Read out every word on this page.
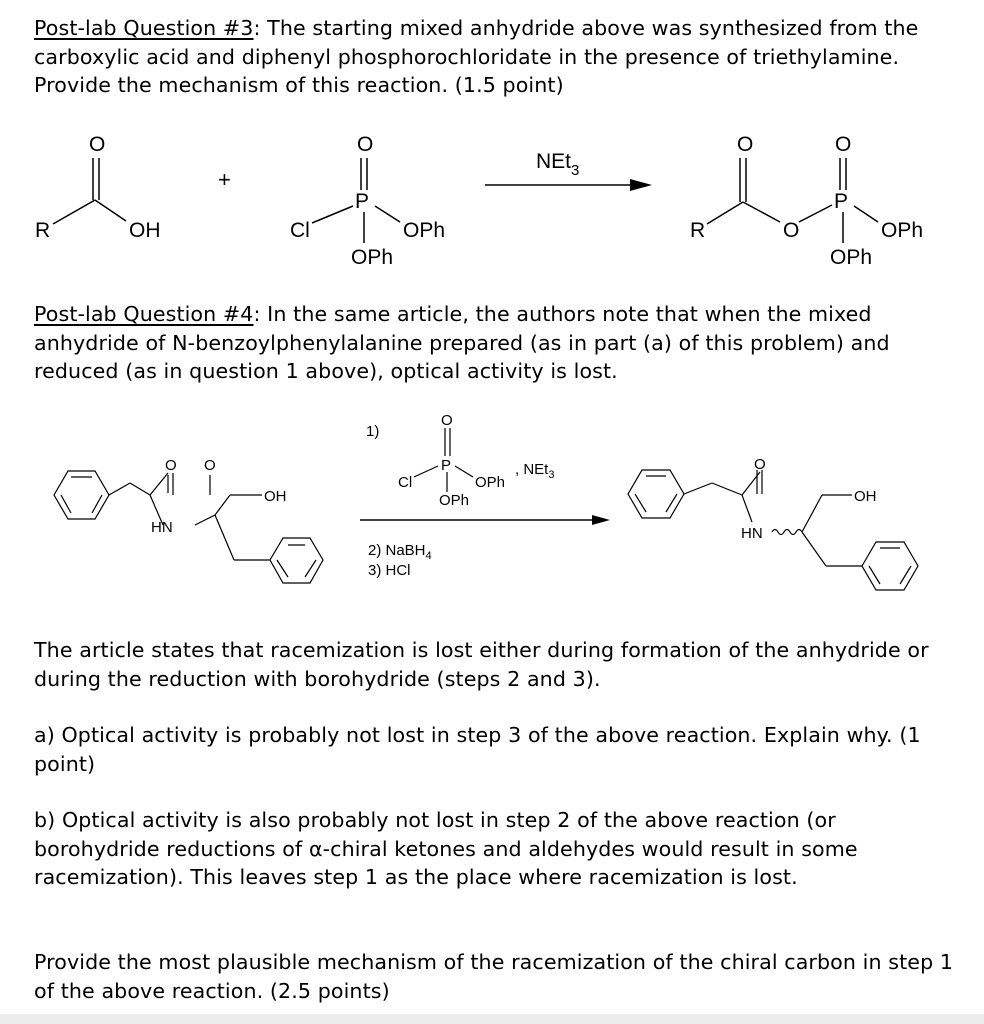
Post-lab Question #3: The starting mixed anhydride above was synthesized from the carboxylic acid and diphenyl phosphorochloridate in the presence of triethylamine. Provide the mechanism of this reaction. (1.5 point)

R
O
OH
+
O
P
Cl	OPh
OPh
NEt$_3$
R
O
O
O
P
OPh
OPh
O O
OH
HN
1)
O
P
Cl	OPh
OPh
, NEt$_3$
2) NaBH$_4$
3) HCl
O
OH
HN

Post-lab Question #4: In the same article, the authors note that when the mixed anhydride of N-benzoylphenylalanine prepared (as in part (a) of this problem) and reduced (as in question 1 above), optical activity is lost.

The article states that racemization is lost either during formation of the anhydride or during the reduction with borohydride (steps 2 and 3).

a) Optical activity is probably not lost in step 3 of the above reaction. Explain why. (1 point)

b) Optical activity is also probably not lost in step 2 of the above reaction (or borohydride reductions of α-chiral ketones and aldehydes would result in some racemization). This leaves step 1 as the place where racemization is lost.

Provide the most plausible mechanism of the racemization of the chiral carbon in step 1 of the above reaction. (2.5 points)
